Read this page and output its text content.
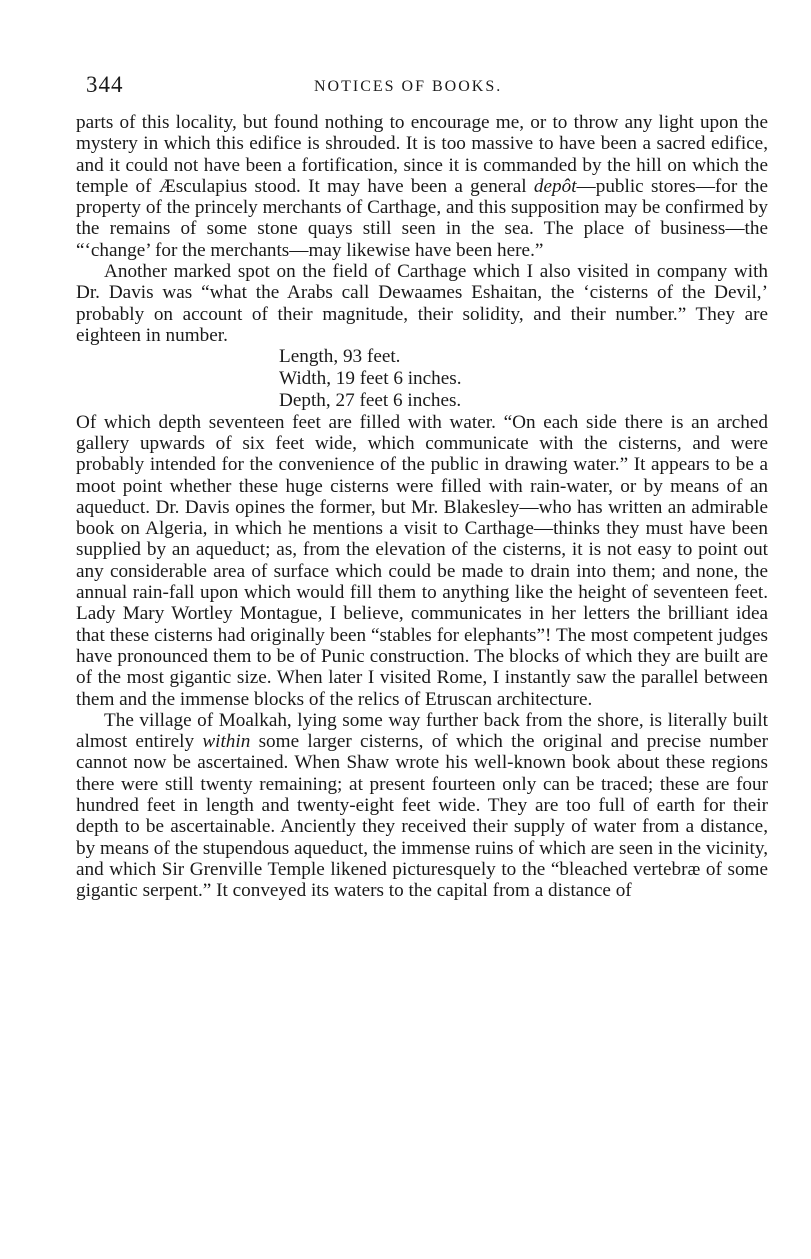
344	NOTICES OF BOOKS.

parts of this locality, but found nothing to encourage me, or to throw any light upon the mystery in which this edifice is shrouded. It is too massive to have been a sacred edifice, and it could not have been a fortification, since it is commanded by the hill on which the temple of Æsculapius stood. It may have been a general depôt—public stores—for the property of the princely merchants of Carthage, and this supposition may be confirmed by the remains of some stone quays still seen in the sea. The place of business—the “‘change’ for the merchants—may likewise have been here.”

Another marked spot on the field of Carthage which I also visited in company with Dr. Davis was “what the Arabs call Dewaames Eshaitan, the ‘cisterns of the Devil,’ probably on account of their magnitude, their solidity, and their number.” They are eighteen in number.

Length, 93 feet.
Width, 19 feet 6 inches.
Depth, 27 feet 6 inches.

Of which depth seventeen feet are filled with water. “On each side there is an arched gallery upwards of six feet wide, which communicate with the cisterns, and were probably intended for the convenience of the public in drawing water.” It appears to be a moot point whether these huge cisterns were filled with rain-water, or by means of an aqueduct. Dr. Davis opines the former, but Mr. Blakesley—who has written an admirable book on Algeria, in which he mentions a visit to Carthage—thinks they must have been supplied by an aqueduct; as, from the elevation of the cisterns, it is not easy to point out any considerable area of surface which could be made to drain into them; and none, the annual rain-fall upon which would fill them to anything like the height of seventeen feet. Lady Mary Wortley Montague, I believe, communicates in her letters the brilliant idea that these cisterns had originally been “stables for elephants”! The most competent judges have pronounced them to be of Punic construction. The blocks of which they are built are of the most gigantic size. When later I visited Rome, I instantly saw the parallel between them and the immense blocks of the relics of Etruscan architecture.

The village of Moalkah, lying some way further back from the shore, is literally built almost entirely within some larger cisterns, of which the original and precise number cannot now be ascertained. When Shaw wrote his well-known book about these regions there were still twenty remaining; at present fourteen only can be traced; these are four hundred feet in length and twenty-eight feet wide. They are too full of earth for their depth to be ascertainable. Anciently they received their supply of water from a distance, by means of the stupendous aqueduct, the immense ruins of which are seen in the vicinity, and which Sir Grenville Temple likened picturesquely to the “bleached vertebræ of some gigantic serpent.” It conveyed its waters to the capital from a distance of
